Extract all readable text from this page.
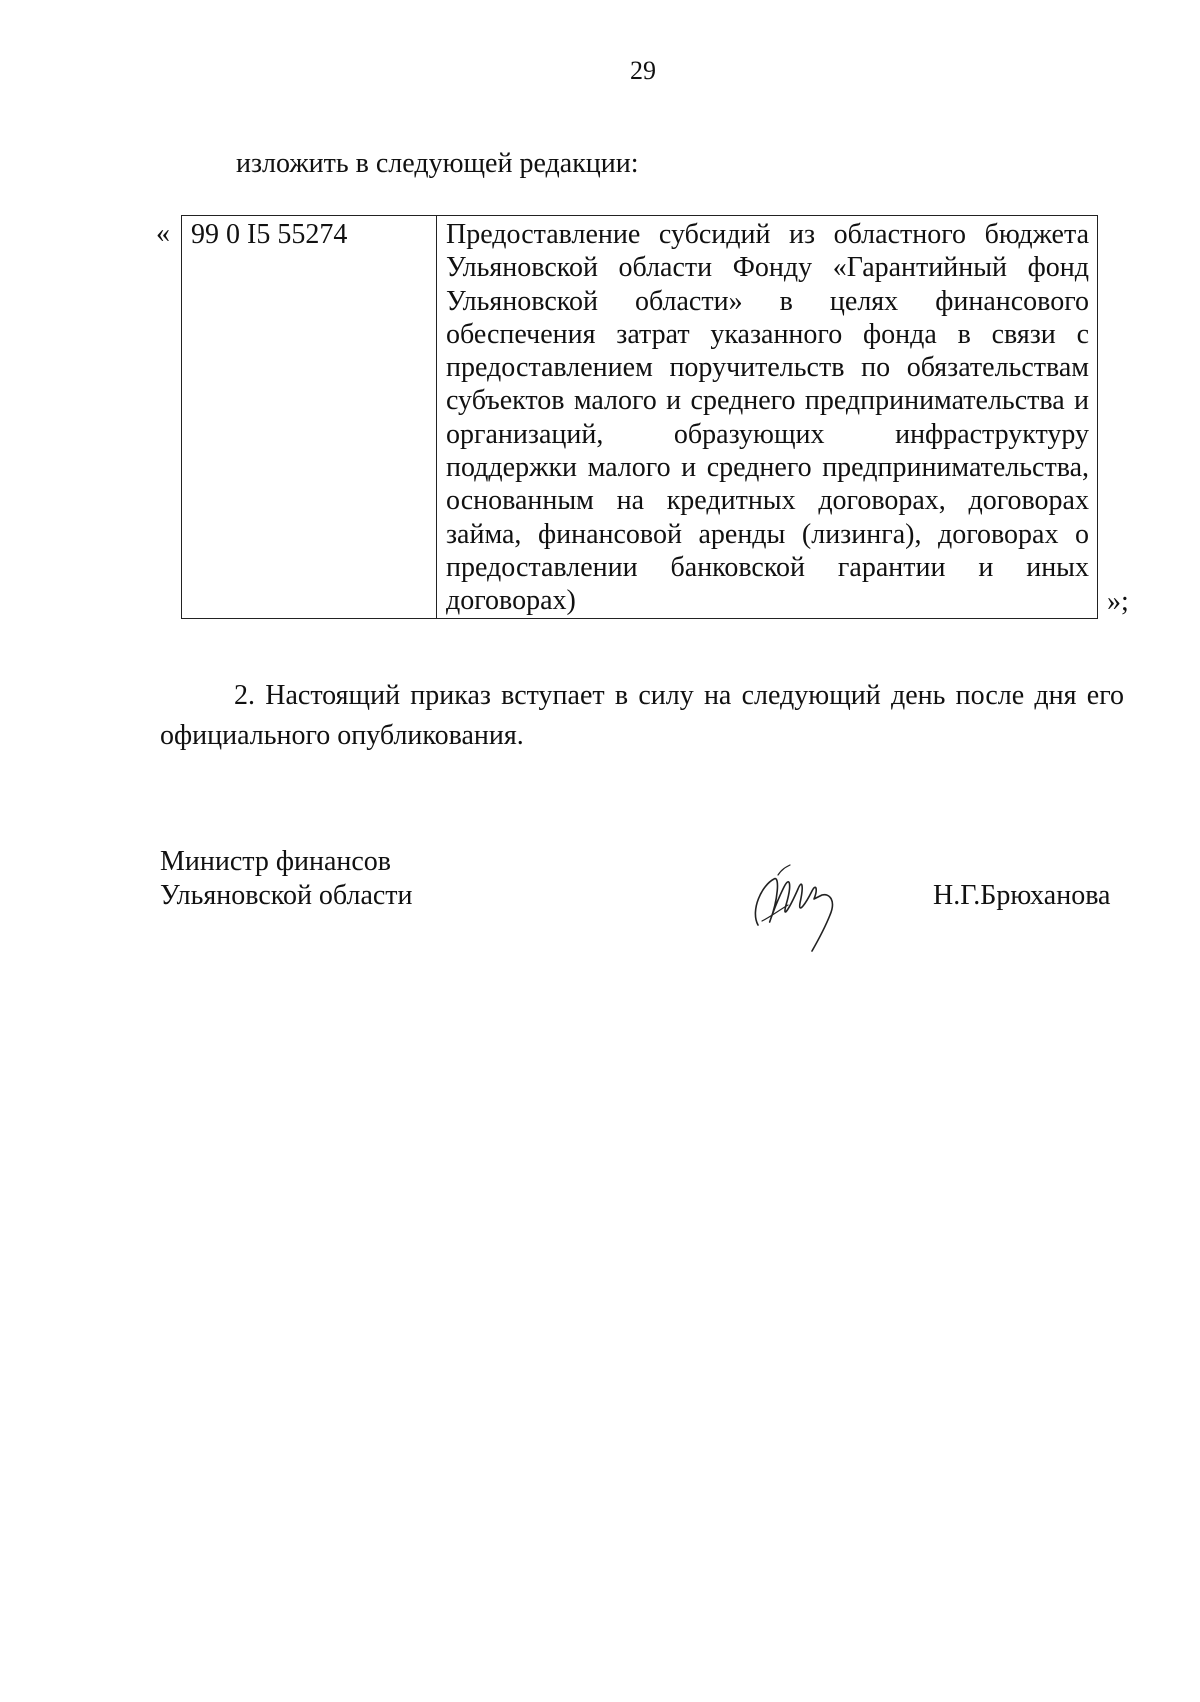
29
изложить в следующей редакции:
« 99 0 I5 55274	Предоставление субсидий из областного бюджета Ульяновской области Фонду «Гарантийный фонд Ульяновской области» в целях финансового обеспечения затрат указанного фонда в связи с предоставлением поручительств по обязательствам субъектов малого и среднего предпринимательства и организаций, образующих инфраструктуру поддержки малого и среднего предпринимательства, основанным на кредитных договорах, договорах займа, финансовой аренды (лизинга), договорах о предоставлении банковской гарантии и иных договорах)	»;
2. Настоящий приказ вступает в силу на следующий день после дня его официального опубликования.
Министр финансов
Ульяновской области	Н.Г.Брюханова
